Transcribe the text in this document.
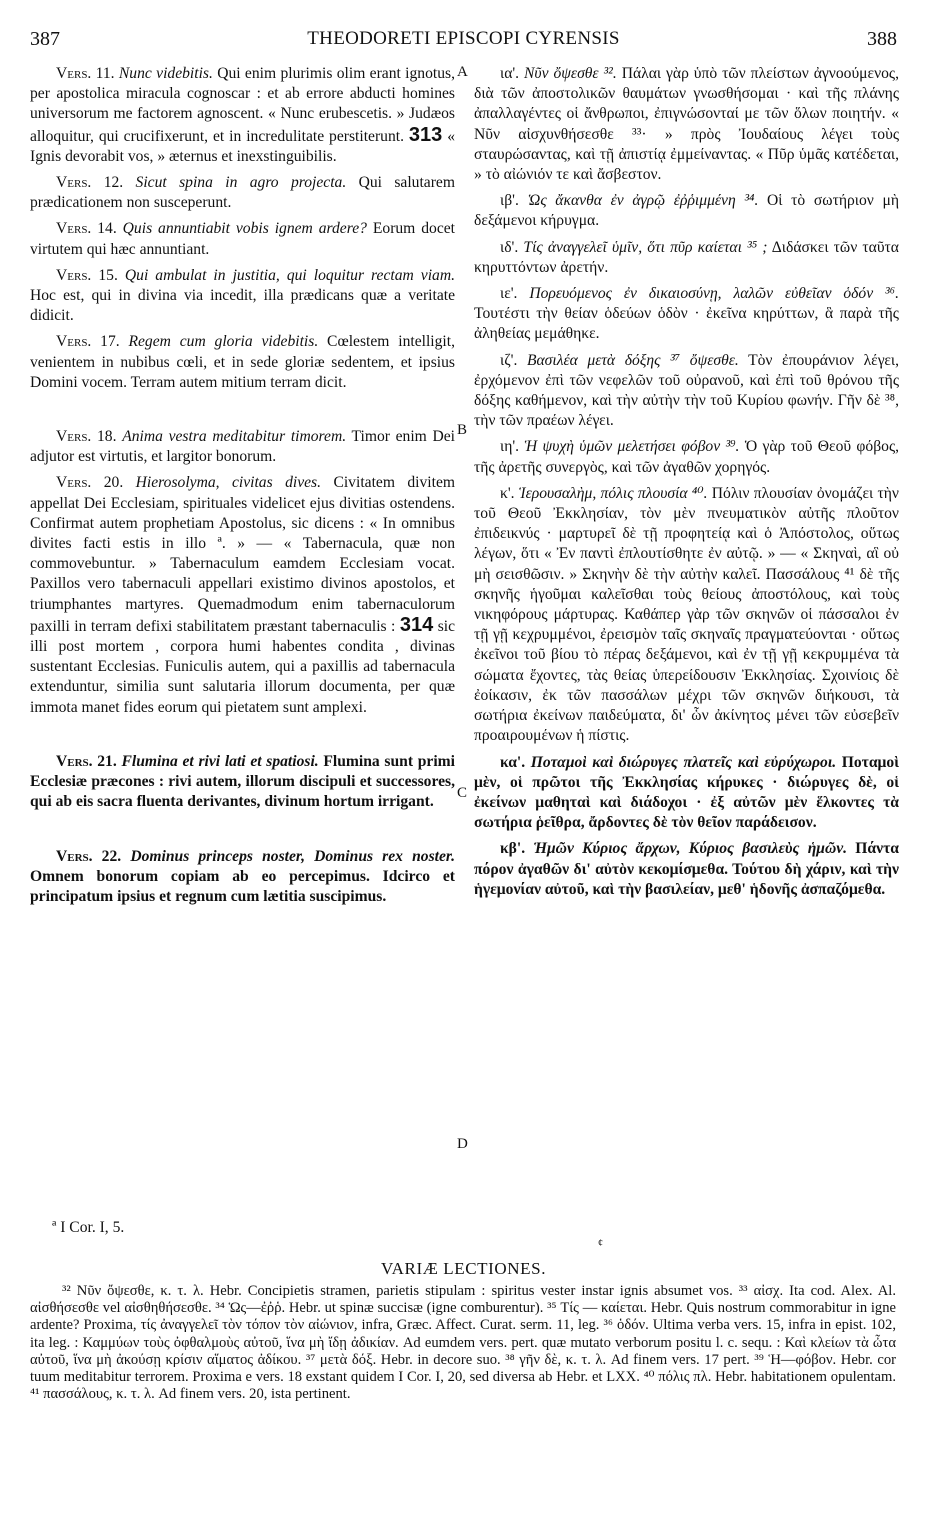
387	THEODORETI EPISCOPI CYRENSIS	388
A
B
C
D

Vers. 11. Nunc videbitis. Qui enim plurimis olim erant ignotus, per apostolica miracula cognoscar : et ab errore abducti homines universorum me factorem agnoscent. « Nunc erubescetis. » Judæos alloquitur, qui crucifixerunt, et in incredulitate perstiterunt. 313 « Ignis devorabit vos, » æternus et inexstinguibilis.

Vers. 12. Sicut spina in agro projecta. Qui salutarem prædicationem non susceperunt.

Vers. 14. Quis annuntiabit vobis ignem ardere? Eorum docet virtutem qui hæc annuntiant.

Vers. 15. Qui ambulat in justitia, qui loquitur rectam viam. Hoc est, qui in divina via incedit, illa prædicans quæ a veritate didicit.

Vers. 17. Regem cum gloria videbitis. Cœlestem intelligit, venientem in nubibus cœli, et in sede gloriæ sedentem, et ipsius Domini vocem. Terram autem mitium terram dicit.

Vers. 18. Anima vestra meditabitur timorem. Timor enim Dei adjutor est virtutis, et largitor bonorum.

Vers. 20. Hierosolyma, civitas dives. Civitatem divitem appellat Dei Ecclesiam, spirituales videlicet ejus divitias ostendens. Confirmat autem prophetiam Apostolus, sic dicens : « In omnibus divites facti estis in illo ª. » — « Tabernacula, quæ non commovebuntur. » Tabernaculum eamdem Ecclesiam vocat. Paxillos vero tabernaculi appellari existimo divinos apostolos, et triumphantes martyres. Quemadmodum enim tabernaculorum paxilli in terram defixi stabilitatem præstant tabernaculis : 314 sic illi post mortem , corpora humi habentes condita , divinas sustentant Ecclesias. Funiculis autem, qui a paxillis ad tabernacula extenduntur, similia sunt salutaria illorum documenta, per quæ immota manet fides eorum qui pietatem sunt amplexi.

Vers. 21. Flumina et rivi lati et spatiosi. Flumina sunt primi Ecclesiæ præcones : rivi autem, illorum discipuli et successores, qui ab eis sacra fluenta derivantes, divinum hortum irrigant.

Vers. 22. Dominus princeps noster, Dominus rex noster. Omnem bonorum copiam ab eo percepimus. Idcirco et principatum ipsius et regnum cum lætitia suscipimus.

ια'. Νῦν ὄψεσθε ³². Πάλαι γὰρ ὑπὸ τῶν πλείστων ἀγνοούμενος, διὰ τῶν ἀποστολικῶν θαυμάτων γνωσθήσομαι · καὶ τῆς πλάνης ἀπαλλαγέντες οἱ ἄνθρωποι, ἐπιγνώσονταί με τῶν ὅλων ποιητήν. « Νῦν αἰσχυνθήσεσθε ³³· » πρὸς Ἰουδαίους λέγει τοὺς σταυρώσαντας, καὶ τῇ ἀπιστίᾳ ἐμμείναντας. « Πῦρ ὑμᾶς κατέδεται, » τὸ αἰώνιόν τε καὶ ἄσβεστον.

ιβ'. Ὡς ἄκανθα ἐν ἀγρῷ ἐῤῥιμμένη ³⁴. Οἱ τὸ σωτήριον μὴ δεξάμενοι κήρυγμα.

ιδ'. Τίς ἀναγγελεῖ ὑμῖν, ὅτι πῦρ καίεται ³⁵ ; Διδάσκει τῶν ταῦτα κηρυττόντων ἀρετήν.

ιε'. Πορευόμενος ἐν δικαιοσύνῃ, λαλῶν εὐθεῖαν ὁδόν ³⁶. Τουτέστι τὴν θείαν ὁδεύων ὁδὸν · ἐκεῖνα κηρύττων, ἃ παρὰ τῆς ἀληθείας μεμάθηκε.

ιζ'. Βασιλέα μετὰ δόξης ³⁷ ὄψεσθε. Τὸν ἐπουράνιον λέγει, ἐρχόμενον ἐπὶ τῶν νεφελῶν τοῦ οὐρανοῦ, καὶ ἐπὶ τοῦ θρόνου τῆς δόξης καθήμενον, καὶ τὴν αὐτὴν τὴν τοῦ Κυρίου φωνήν. Γῆν δὲ ³⁸, τὴν τῶν πραέων λέγει.

ιη'. Ἡ ψυχὴ ὑμῶν μελετήσει φόβον ³⁹. Ὁ γὰρ τοῦ Θεοῦ φόβος, τῆς ἀρετῆς συνεργὸς, καὶ τῶν ἀγαθῶν χορηγός.

κ'. Ἱερουσαλὴμ, πόλις πλουσία ⁴⁰. Πόλιν πλουσίαν ὀνομάζει τὴν τοῦ Θεοῦ Ἐκκλησίαν, τὸν μὲν πνευματικὸν αὐτῆς πλοῦτον ἐπιδεικνύς · μαρτυρεῖ δὲ τῇ προφητείᾳ καὶ ὁ Ἀπόστολος, οὕτως λέγων, ὅτι « Ἐν παντὶ ἐπλουτίσθητε ἐν αὐτῷ. » — « Σκηναὶ, αἳ οὐ μὴ σεισθῶσιν. » Σκηνὴν δὲ τὴν αὐτὴν καλεῖ. Πασσάλους ⁴¹ δὲ τῆς σκηνῆς ἡγοῦμαι καλεῖσθαι τοὺς θείους ἀποστόλους, καὶ τοὺς νικηφόρους μάρτυρας. Καθάπερ γὰρ τῶν σκηνῶν οἱ πάσσαλοι ἐν τῇ γῇ κεχρυμμένοι, ἐρεισμὸν ταῖς σκηναῖς πραγματεύονται · οὕτως ἐκεῖνοι τοῦ βίου τὸ πέρας δεξάμενοι, καὶ ἐν τῇ γῇ κεκρυμμένα τὰ σώματα ἔχοντες, τὰς θείας ὑπερείδουσιν Ἐκκλησίας. Σχοινίοις δὲ ἐοίκασιν, ἐκ τῶν πασσάλων μέχρι τῶν σκηνῶν διήκουσι, τὰ σωτήρια ἐκείνων παιδεύματα, δι' ὧν ἀκίνητος μένει τῶν εὐσεβεῖν προαιρουμένων ἡ πίστις.

κα'. Ποταμοὶ καὶ διώρυγες πλατεῖς καὶ εὐρύχωροι. Ποταμοὶ μὲν, οἱ πρῶτοι τῆς Ἐκκλησίας κήρυκες · διώρυγες δὲ, οἱ ἐκείνων μαθηταὶ καὶ διάδοχοι · ἐξ αὐτῶν μὲν ἕλκοντες τὰ σωτήρια ῥεῖθρα, ἄρδοντες δὲ τὸν θεῖον παράδεισον.

κβ'. Ἡμῶν Κύριος ἄρχων, Κύριος βασιλεὺς ἡμῶν. Πάντα πόρον ἀγαθῶν δι' αὐτὸν κεκομίσμεθα. Τούτου δὴ χάριν, καὶ τὴν ἡγεμονίαν αὐτοῦ, καὶ τὴν βασιλείαν, μεθ' ἡδονῆς ἀσπαζόμεθα.

ª I Cor. I, 5.
¢
VARIÆ LECTIONES.
³² Νῦν ὄψεσθε, κ. τ. λ. Hebr. Concipietis stramen, parietis stipulam : spiritus vester instar ignis absumet vos. ³³ αἰσχ. Ita cod. Alex. Al. αἰσθήσεσθε vel αἰσθηθήσεσθε. ³⁴ Ὡς—ἐῤῥ. Hebr. ut spinæ succisæ (igne comburentur). ³⁵ Τίς — καίεται. Hebr. Quis nostrum commorabitur in igne ardente? Proxima, τίς ἀναγγελεῖ τὸν τόπον τὸν αἰώνιον, infra, Græc. Affect. Curat. serm. 11, leg. ³⁶ ὁδόν. Ultima verba vers. 15, infra in epist. 102, ita leg. : Καμμύων τοὺς ὀφθαλμοὺς αὐτοῦ, ἵνα μὴ ἴδῃ ἀδικίαν. Ad eumdem vers. pert. quæ mutato verborum positu l. c. sequ. : Καὶ κλείων τὰ ὦτα αὐτοῦ, ἵνα μὴ ἀκούσῃ κρίσιν αἵματος ἀδίκου. ³⁷ μετὰ δόξ. Hebr. in decore suo. ³⁸ γῆν δὲ, κ. τ. λ. Ad finem vers. 17 pert. ³⁹ Ἡ—φόβον. Hebr. cor tuum meditabitur terrorem. Proxima e vers. 18 exstant quidem I Cor. I, 20, sed diversa ab Hebr. et LXX. ⁴⁰ πόλις πλ. Hebr. habitationem opulentam. ⁴¹ πασσάλους, κ. τ. λ. Ad finem vers. 20, ista pertinent.
